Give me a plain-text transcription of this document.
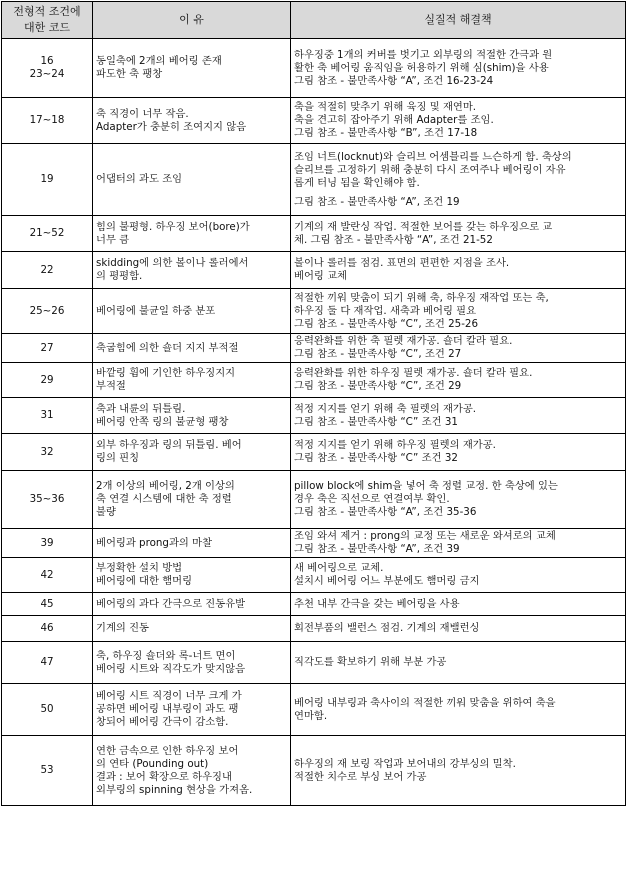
전형적 조건에
대한 코드	이 유	실질적 해결책
16
23~24	동일축에 2개의 베어링 존재
파도한 축 팽창	하우징중 1개의 커버를 벗기고 외부링의 적절한 간극과 원
활한 축 베어링 움직임을 허용하기 위해 심(shim)을 사용
그림 참조 - 불만족사항 “A”, 조건 16-23-24

17~18	축 직경이 너무 작음.
Adapter가 충분히 조여지지 않음	축을 적절히 맞추기 위해 육징 및 재연마.
축을 견고히 잡아주기 위해 Adapter를 조임.
그림 참조 - 불만족사항 “B”, 조건 17-18

19	어댑터의 과도 조임	조임 너트(locknut)와 슬리브 어셈블리를 느슨하게 함. 축상의
슬리브를 고정하기 위해 충분히 다시 조여주나 베어링이 자유
롭게 터닝 됨을 확인해야 함.
그림 참조 - 불만족사항 “A”, 조건 19

21~52	힘의 불평형. 하우징 보어(bore)가
너무 큼	기계의 재 발란싱 작업. 적절한 보어를 갖는 하우징으로 교
체. 그림 참조 - 불만족사항 “A”, 조건 21-52

22	skidding에 의한 볼이나 롤러에서
의 평평함.	볼이나 롤러를 점검. 표면의 편편한 지점을 조사.
베어링 교체

25~26	베어링에 불균일 하중 분포	적절한 끼워 맞춤이 되기 위해 축, 하우징 재작업 또는 축,
하우징 둘 다 재작업. 새축과 베어링 필요
그림 참조 - 불만족사항 “C”, 조건 25-26

27	축굽힘에 의한 숄더 지지 부적절	응력완화를 위한 축 필렛 재가공. 숄더 칼라 필요.
그림 참조 - 불만족사항 “C”, 조건 27

29	바깥링 휨에 기인한 하우징지지
부적절	응력완화를 위한 하우징 필렛 재가공. 숄더 칼라 필요.
그림 참조 - 불만족사항 “C”, 조건 29

31	축과 내륜의 뒤틀림.
베어링 안쪽 링의 불균형 팽창	적정 지지를 얻기 위해 축 필렛의 재가공.
그림 참조 - 불만족사항 “C” 조건 31

32	외부 하우징과 링의 뒤틀림. 베어
링의 핀칭	적정 지지를 얻기 위해 하우징 필렛의 재가공.
그림 참조 - 불만족사항 “C” 조건 32

35~36	2개 이상의 베어링, 2개 이상의
축 연결 시스템에 대한 축 정렬
불량	pillow block에 shim을 넣어 축 정렬 교정. 한 축상에 있는
경우 축은 직선으로 연결여부 확인.
그림 참조 - 불만족사항 “A”, 조건 35-36

39	베어링과 prong과의 마찰	조임 와셔 제거 : prong의 교정 또는 새로운 와셔로의 교체
그림 참조 - 불만족사항 “A”, 조건 39

42	부정확한 설치 방법
베어링에 대한 햄머링	새 베어링으로 교체.
설치시 베어링 어느 부분에도 햄머링 금지

45	베어링의 과다 간극으로 진동유발	추천 내부 간극을 갖는 베어링을 사용

46	기계의 진동	회전부품의 밸런스 점검. 기계의 재밸런싱

47	축, 하우징 숄더와 록-너트 면이
베어링 시트와 직각도가 맞지않음	직각도를 확보하기 위해 부분 가공

50	베어링 시트 직경이 너무 크게 가
공하면 베어링 내부링이 과도 팽
창되어 베어링 간극이 감소함.	베어링 내부링과 축사이의 적절한 끼워 맞춤을 위하여 축을
연마함.

53	연한 금속으로 인한 하우징 보어
의 연타 (Pounding out)
결과 : 보어 확장으로 하우징내
외부링의 spinning 현상을 가져옴.	하우징의 재 보링 작업과 보어내의 강부싱의 밀착.
적절한 치수로 부싱 보어 가공
